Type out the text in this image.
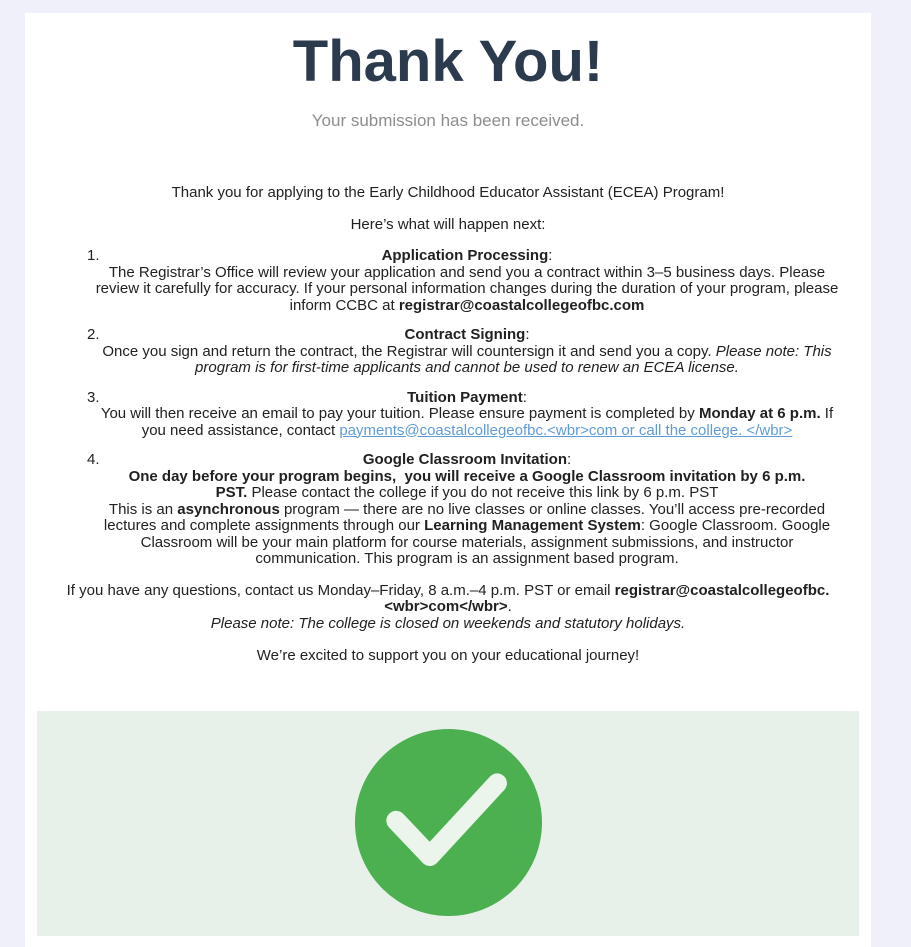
Thank You!

Your submission has been received.

Thank you for applying to the Early Childhood Educator Assistant (ECEA) Program!

Here’s what will happen next:

1.	Application Processing:
The Registrar’s Office will review your application and send you a contract within 3–5 business days. Please review it carefully for accuracy. If your personal information changes during the duration of your program, please inform CCBC at registrar@coastalcollegeofbc.com
2.	Contract Signing:
Once you sign and return the contract, the Registrar will countersign it and send you a copy. Please note: This program is for first-time applicants and cannot be used to renew an ECEA license.
3.	Tuition Payment:
You will then receive an email to pay your tuition. Please ensure payment is completed by Monday at 6 p.m. If you need assistance, contact payments@coastalcollegeofbc.<wbr>com or call the college. </wbr>
4.	Google Classroom Invitation:
One day before your program begins,  you will receive a Google Classroom invitation by 6 p.m.
PST. Please contact the college if you do not receive this link by 6 p.m. PST
This is an asynchronous program — there are no live classes or online classes. You’ll access pre-recorded lectures and complete assignments through our Learning Management System: Google Classroom. Google Classroom will be your main platform for course materials, assignment submissions, and instructor communication. This program is an assignment based program.

If you have any questions, contact us Monday–Friday, 8 a.m.–4 p.m. PST or email registrar@coastalcollegeofbc.
<wbr>com</wbr>.
Please note: The college is closed on weekends and statutory holidays.

We’re excited to support you on your educational journey!
